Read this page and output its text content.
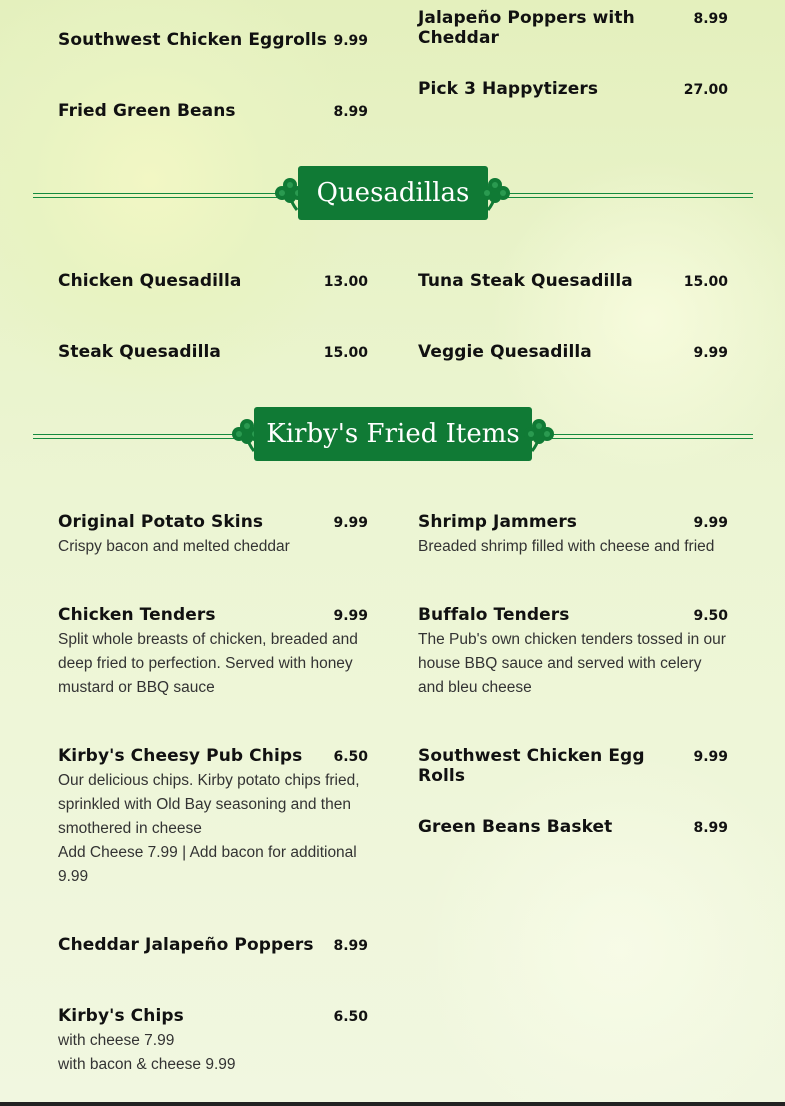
Southwest Chicken Eggrolls 9.99
Fried Green Beans	8.99
Jalapeño Poppers with Cheddar
8.99
Pick 3 Happytizers	27.00
Quesadillas
Chicken Quesadilla	13.00
Steak Quesadilla	15.00
Tuna Steak Quesadilla	15.00
Veggie Quesadilla	9.99
Kirby's Fried Items
Original Potato Skins	9.99
Crispy bacon and melted cheddar
Chicken Tenders	9.99
Split whole breasts of chicken, breaded and deep fried to perfection. Served with honey mustard or BBQ sauce
Kirby's Cheesy Pub Chips 6.50
Our delicious chips. Kirby potato chips fried, sprinkled with Old Bay seasoning and then smothered in cheese
Add Cheese 7.99 | Add bacon for additional 9.99
Cheddar Jalapeño Poppers 8.99
Kirby's Chips	6.50
with cheese 7.99
with bacon & cheese 9.99
Shrimp Jammers	9.99
Breaded shrimp filled with cheese and fried
Buffalo Tenders	9.50
The Pub's own chicken tenders tossed in our house BBQ sauce and served with celery and bleu cheese
Southwest Chicken Egg Rolls
9.99
Green Beans Basket	8.99
